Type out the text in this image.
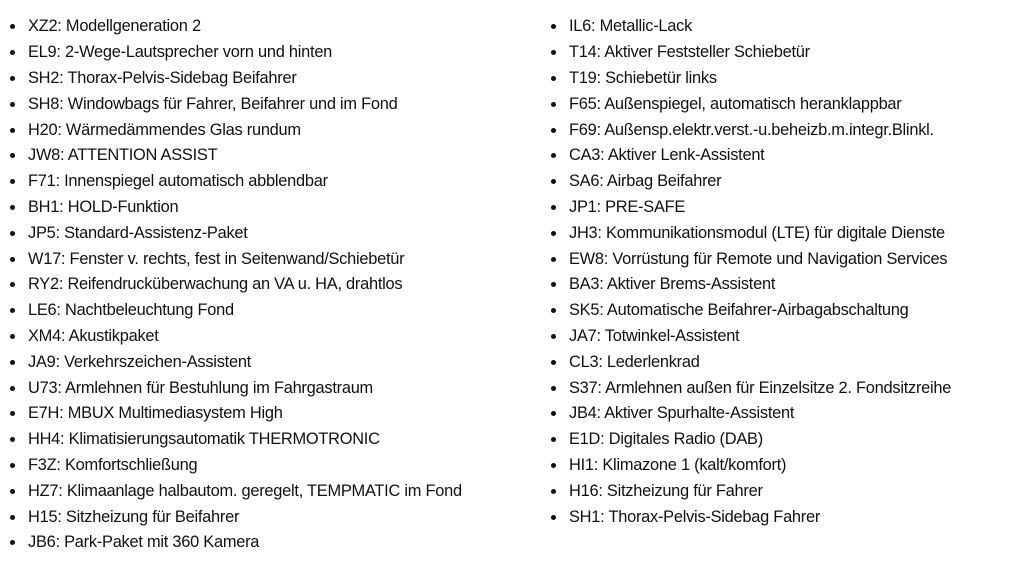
XZ2: Modellgeneration 2
EL9: 2-Wege-Lautsprecher vorn und hinten
SH2: Thorax-Pelvis-Sidebag Beifahrer
SH8: Windowbags für Fahrer, Beifahrer und im Fond
H20: Wärmedämmendes Glas rundum
JW8: ATTENTION ASSIST
F71: Innenspiegel automatisch abblendbar
BH1: HOLD-Funktion
JP5: Standard-Assistenz-Paket
W17: Fenster v. rechts, fest in Seitenwand/Schiebetür
RY2: Reifendrucküberwachung an VA u. HA, drahtlos
LE6: Nachtbeleuchtung Fond
XM4: Akustikpaket
JA9: Verkehrszeichen-Assistent
U73: Armlehnen für Bestuhlung im Fahrgastraum
E7H: MBUX Multimediasystem High
HH4: Klimatisierungsautomatik THERMOTRONIC
F3Z: Komfortschließung
HZ7: Klimaanlage halbautom. geregelt, TEMPMATIC im Fond
H15: Sitzheizung für Beifahrer
JB6: Park-Paket mit 360 Kamera
IL6: Metallic-Lack
T14: Aktiver Feststeller Schiebetür
T19: Schiebetür links
F65: Außenspiegel, automatisch heranklappbar
F69: Außensp.elektr.verst.-u.beheizb.m.integr.Blinkl.
CA3: Aktiver Lenk-Assistent
SA6: Airbag Beifahrer
JP1: PRE-SAFE
JH3: Kommunikationsmodul (LTE) für digitale Dienste
EW8: Vorrüstung für Remote und Navigation Services
BA3: Aktiver Brems-Assistent
SK5: Automatische Beifahrer-Airbagabschaltung
JA7: Totwinkel-Assistent
CL3: Lederlenkrad
S37: Armlehnen außen für Einzelsitze 2. Fondsitzreihe
JB4: Aktiver Spurhalte-Assistent
E1D: Digitales Radio (DAB)
HI1: Klimazone 1 (kalt/komfort)
H16: Sitzheizung für Fahrer
SH1: Thorax-Pelvis-Sidebag Fahrer
